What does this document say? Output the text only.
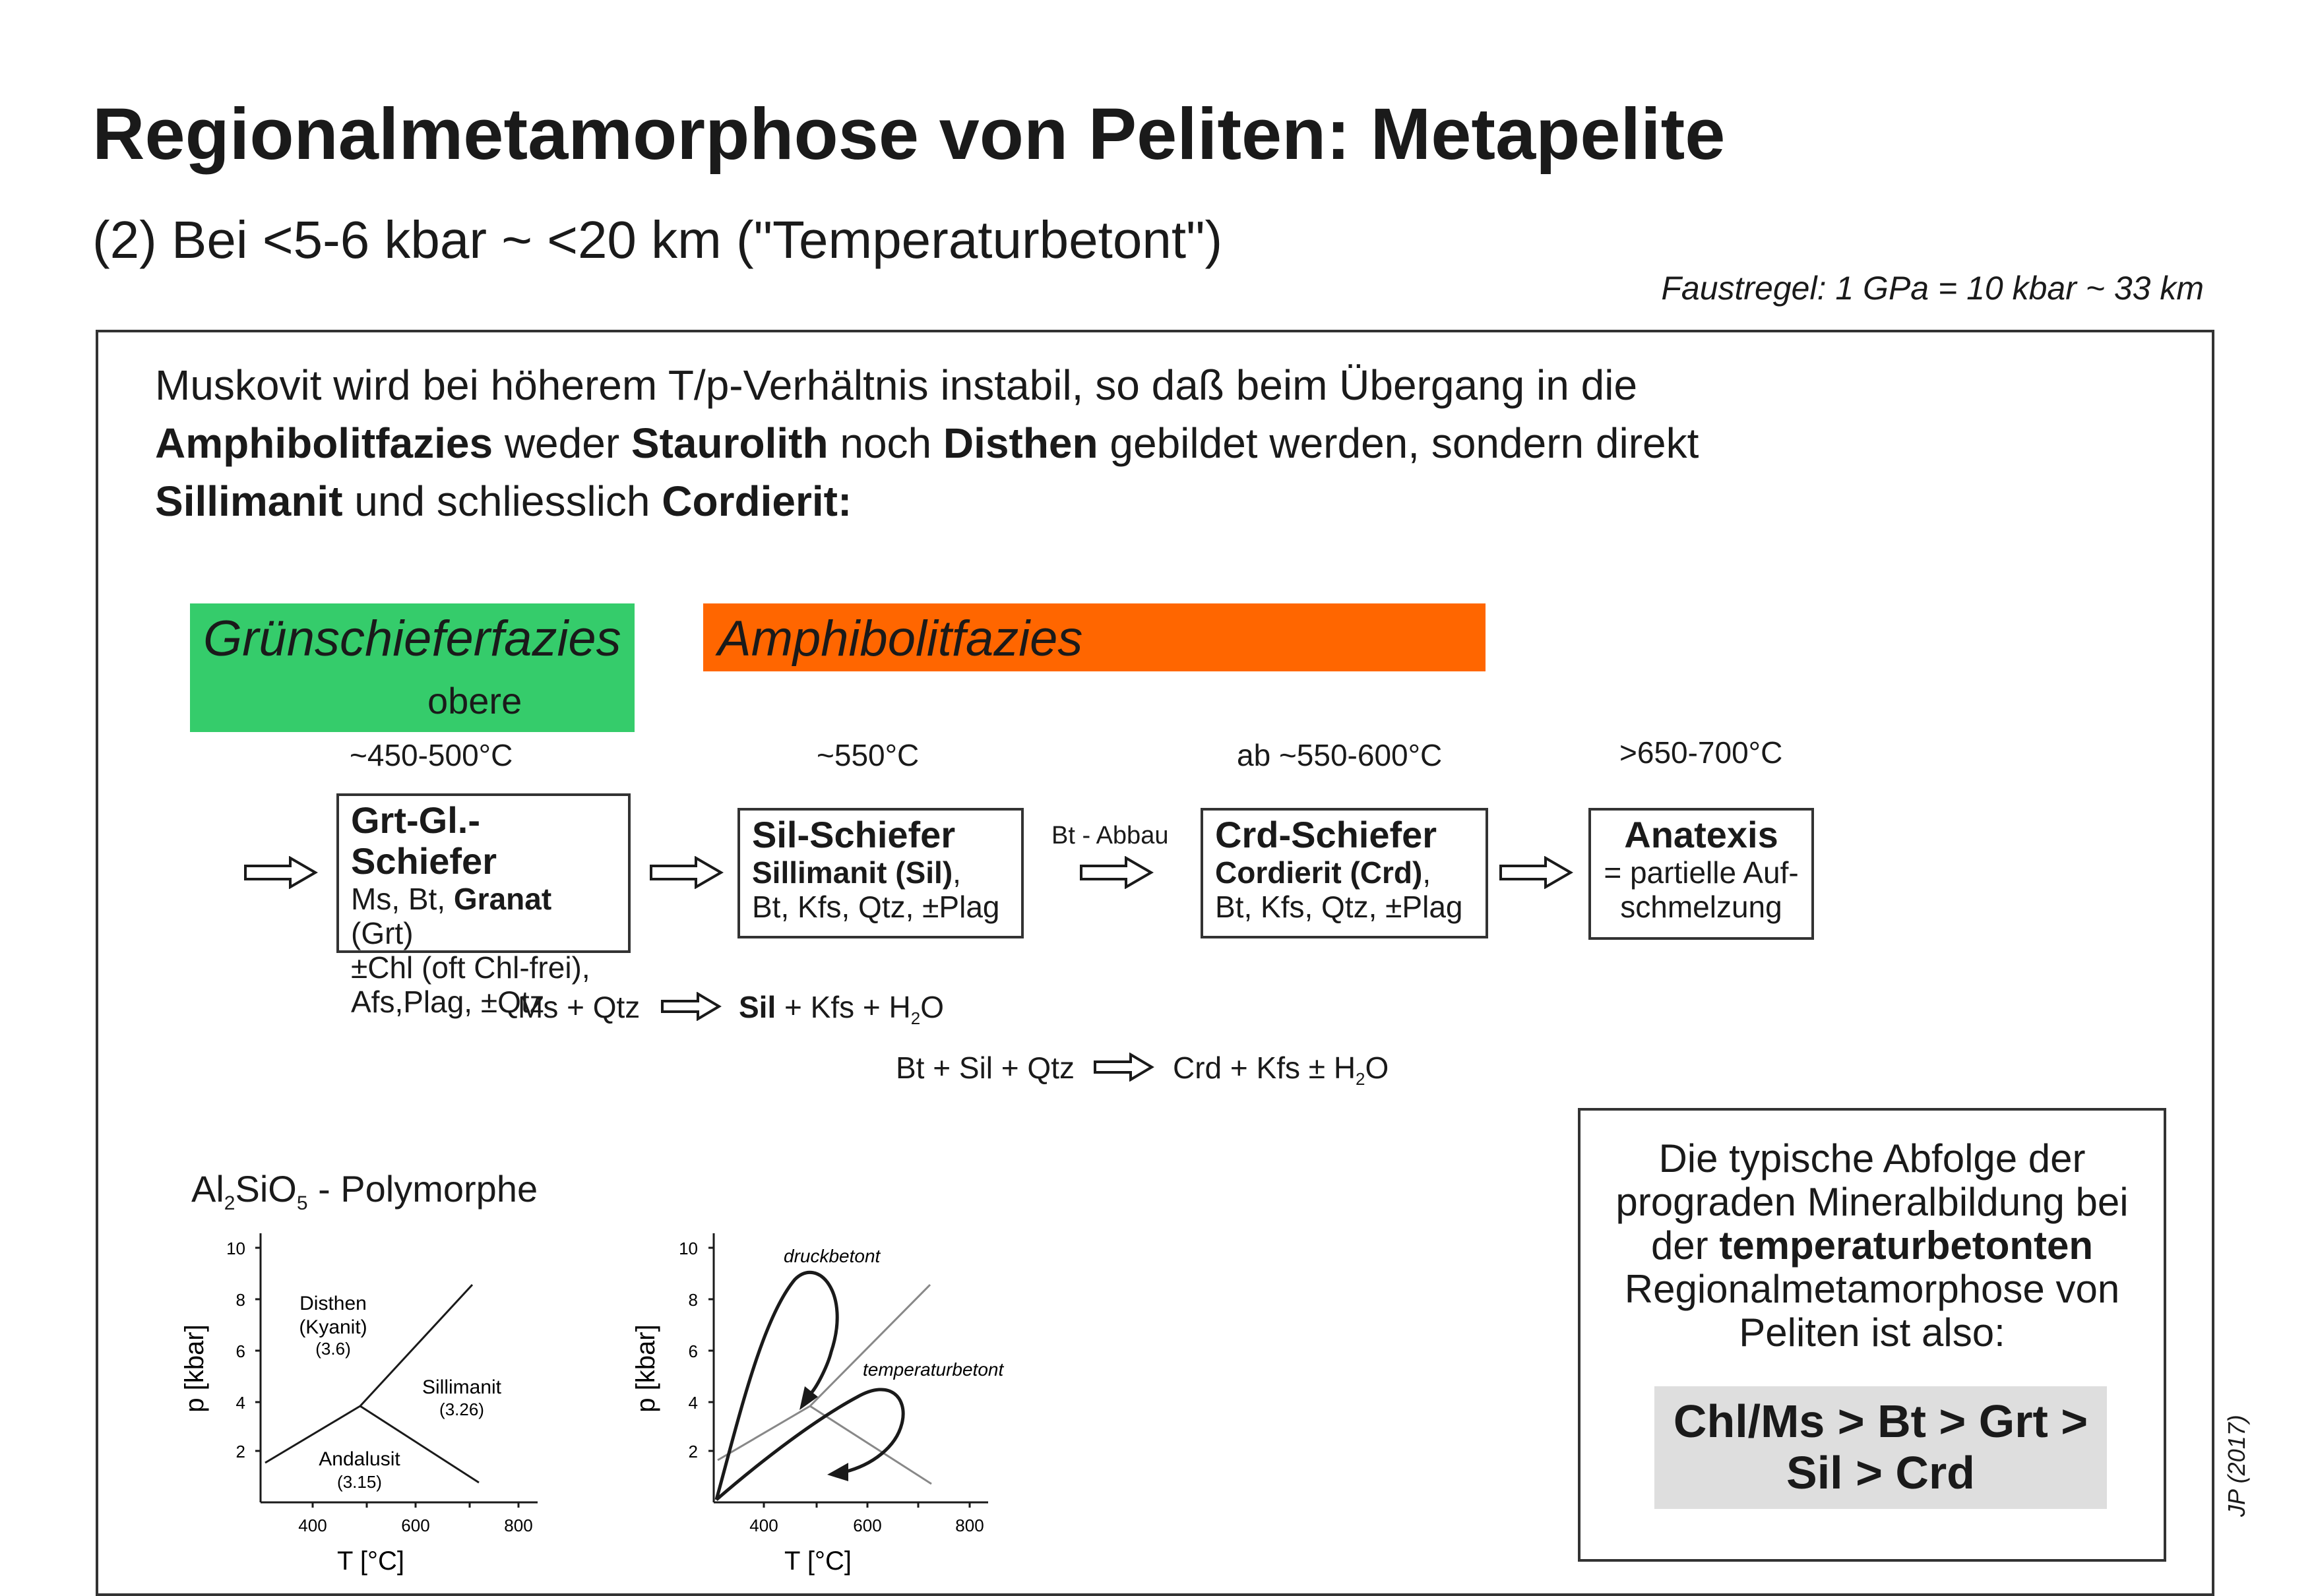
Regionalmetamorphose von Peliten: Metapelite
(2) Bei <5-6 kbar ~ <20 km ("Temperaturbetont")
Faustregel: 1 GPa = 10 kbar ~ 33 km
Muskovit wird bei höherem T/p-Verhältnis instabil, so daß beim Übergang in die
Amphibolitfazies weder Staurolith noch Disthen gebildet werden, sondern direkt
Sillimanit und schliesslich Cordierit:
Grünschieferfazies
obere
Amphibolitfazies
~450-500°C	~550°C	ab ~550-600°C	>650-700°C
Bt - Abbau
Grt-Gl.-Schiefer
Ms, Bt, Granat (Grt)
±Chl (oft Chl-frei),
Afs,Plag, ±Qtz
Sil-Schiefer
Sillimanit (Sil),
Bt, Kfs, Qtz, ±Plag
Crd-Schiefer
Cordierit (Crd),
Bt, Kfs, Qtz, ±Plag
Anatexis
= partielle Auf-
schmelzung
Ms + Qtz	Sil + Kfs + $H_2O$
Bt + Sil + Qtz	Crd + Kfs ± $H_2O$
$Al_2SiO_5$ - Polymorphe
10
8
6
4
2
400	600	800
T [°C]
p [kbar]
Disthen
(Kyanit)
(3.6)
Sillimanit
(3.26)
Andalusit
(3.15)
10
8
6
4
2
400	600	800
T [°C]
p [kbar]
druckbetont
temperaturbetont
Die typische Abfolge der
prograden Mineralbildung bei
der temperaturbetonten
Regionalmetamorphose von
Peliten ist also:
Chl/Ms > Bt > Grt >
Sil > Crd	JP (2017)
